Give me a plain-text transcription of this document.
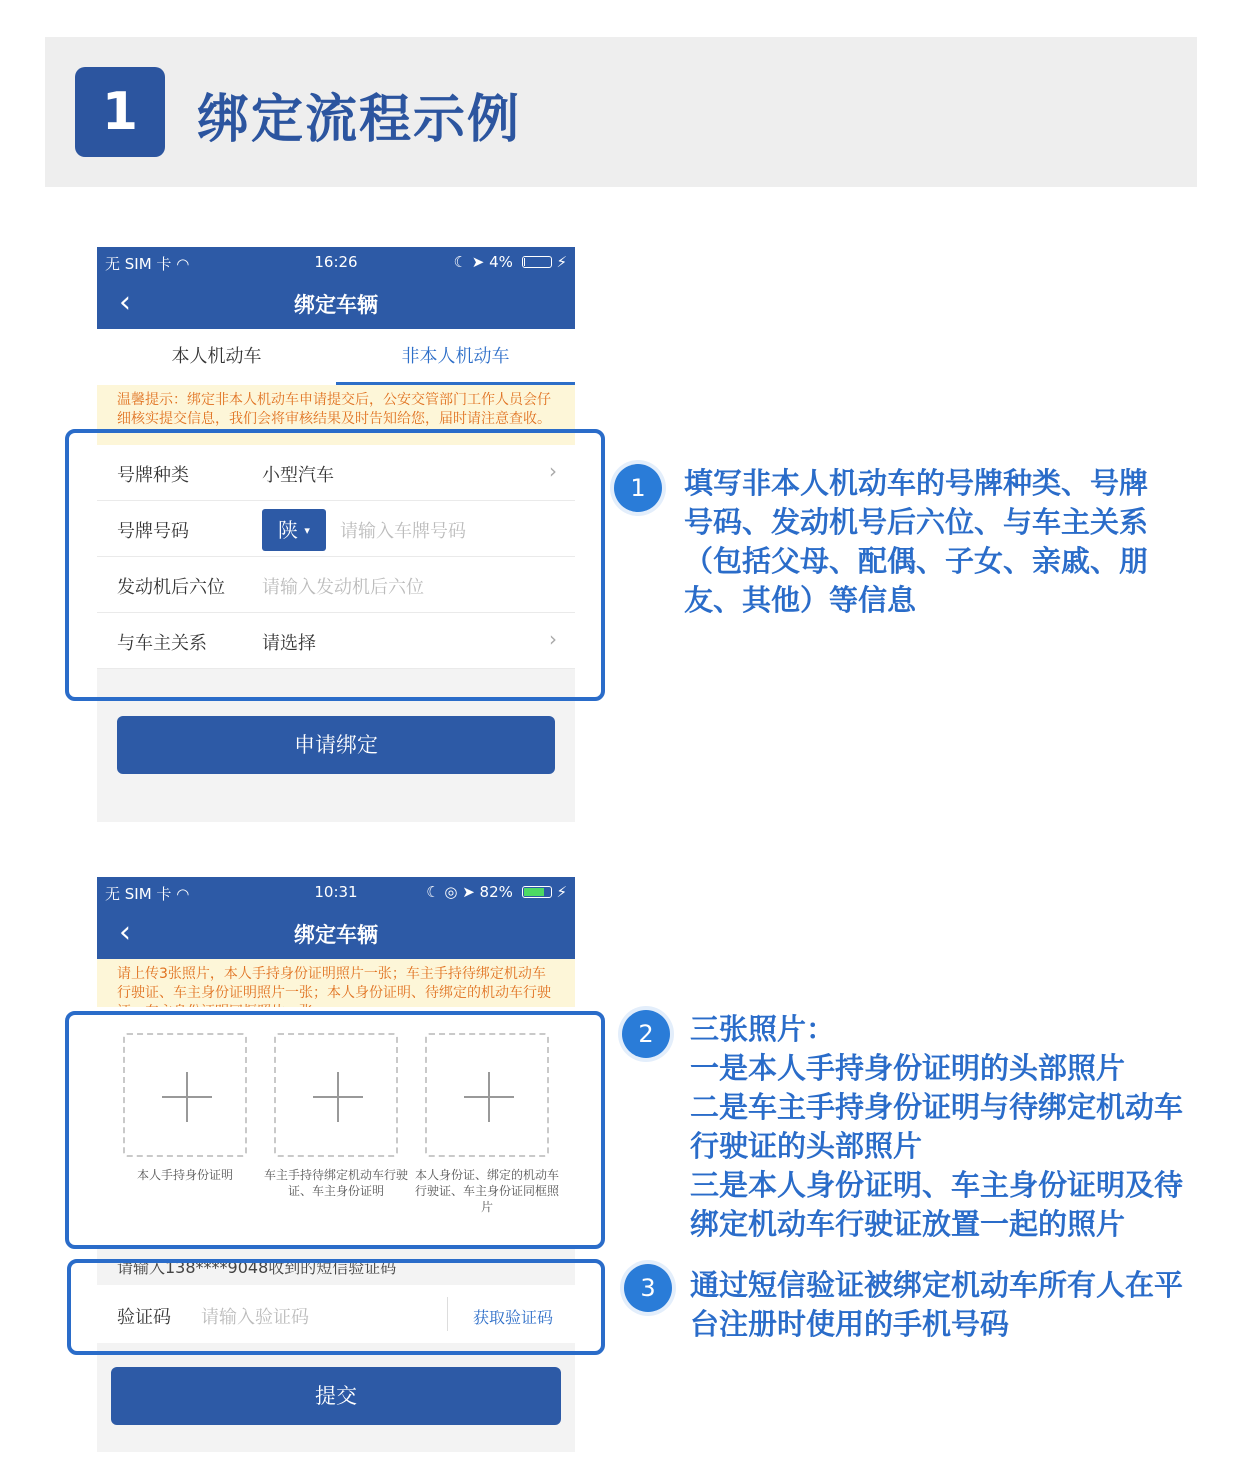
1	绑定流程示例
无 SIM 卡 ◠	16:26	☾ ➤ 4%	⚡
‹	绑定车辆
本人机动车	非本人机动车
温馨提示：绑定非本人机动车申请提交后，公安交管部门工作人员会仔细核实提交信息，我们会将审核结果及时告知给您，届时请注意查收。
号牌种类	小型汽车	›
号牌号码	陕 ▾	请输入车牌号码
发动机后六位 请输入发动机后六位
与车主关系	请选择	›
申请绑定
无 SIM 卡 ◠	10:31	☾ ◎ ➤ 82%	⚡
‹	绑定车辆
请上传3张照片，本人手持身份证明照片一张；车主手持待绑定机动车行驶证、车主身份证明照片一张；本人身份证明、待绑定的机动车行驶
本人手持身份证明	车主手持待绑定机动车行驶证、车主身份证明
本人身份证、绑定的机动车行驶证、车主身份证同框照片
请输入138****9048收到的短信验证码
验证码 请输入验证码	获取验证码
提交
1	填写非本人机动车的号牌种类、号牌
号码、发动机号后六位、与车主关系
（包括父母、配偶、子女、亲戚、朋
友、其他）等信息
2	三张照片：
一是本人手持身份证明的头部照片
二是车主手持身份证明与待绑定机动车
行驶证的头部照片
三是本人身份证明、车主身份证明及待
绑定机动车行驶证放置一起的照片
3	通过短信验证被绑定机动车所有人在平
台注册时使用的手机号码
